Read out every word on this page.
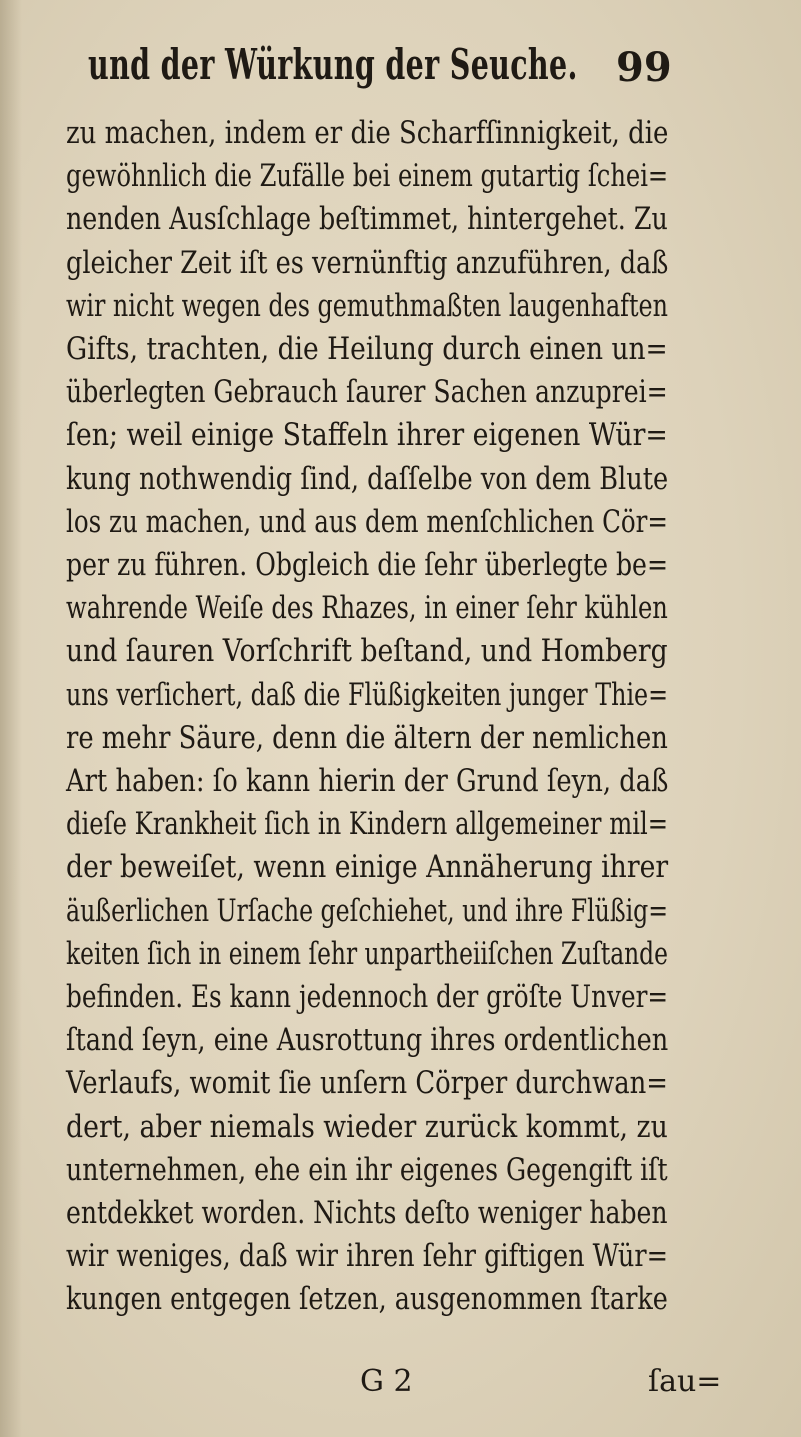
und der Würkung der Seuche. 99
zu machen, indem er die Scharfſinnigkeit, die
gewöhnlich die Zufälle bei einem gutartig ſchei=
nenden Ausſchlage beſtimmet, hintergehet. Zu
gleicher Zeit iſt es vernünftig anzuführen, daß
wir nicht wegen des gemuthmaßten laugenhaften
Gifts, trachten, die Heilung durch einen un=
überlegten Gebrauch ſaurer Sachen anzuprei=
ſen; weil einige Staffeln ihrer eigenen Wür=
kung nothwendig ſind, daſſelbe von dem Blute
los zu machen, und aus dem menſchlichen Cör=
per zu führen. Obgleich die ſehr überlegte be=
wahrende Weiſe des Rhazes, in einer ſehr kühlen
und ſauren Vorſchrift beſtand, und Homberg
uns verſichert, daß die Flüßigkeiten junger Thie=
re mehr Säure, denn die ältern der nemlichen
Art haben: ſo kann hierin der Grund ſeyn, daß
dieſe Krankheit ſich in Kindern allgemeiner mil=
der beweiſet, wenn einige Annäherung ihrer
äußerlichen Urſache geſchiehet, und ihre Flüßig=
keiten ſich in einem ſehr unpartheiiſchen Zuſtande
befinden. Es kann jedennoch der gröſte Unver=
ſtand ſeyn, eine Ausrottung ihres ordentlichen
Verlaufs, womit ſie unſern Cörper durchwan=
dert, aber niemals wieder zurück kommt, zu
unternehmen, ehe ein ihr eigenes Gegengift iſt
entdekket worden. Nichts deſto weniger haben
wir weniges, daß wir ihren ſehr giftigen Wür=
kungen entgegen ſetzen, ausgenommen ſtarke
G 2	ſau=
